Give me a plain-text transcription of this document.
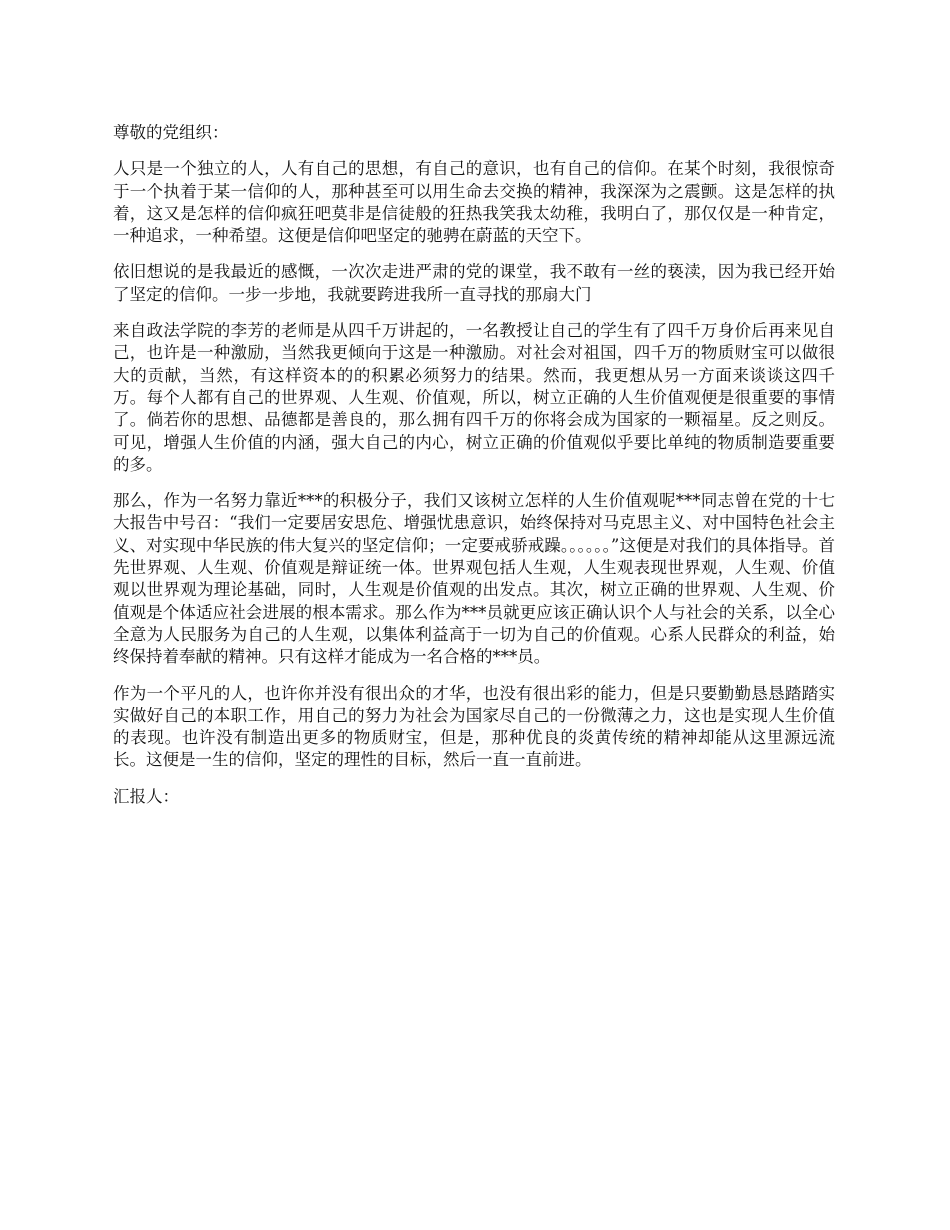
尊敬的党组织：

人只是一个独立的人，人有自己的思想，有自己的意识，也有自己的信仰。在某个时刻，我很惊奇于一个执着于某一信仰的人，那种甚至可以用生命去交换的精神，我深深为之震颤。这是怎样的执着，这又是怎样的信仰疯狂吧莫非是信徒般的狂热我笑我太幼稚，我明白了，那仅仅是一种肯定，一种追求，一种希望。这便是信仰吧坚定的驰骋在蔚蓝的天空下。

依旧想说的是我最近的感慨，一次次走进严肃的党的课堂，我不敢有一丝的亵渎，因为我已经开始了坚定的信仰。一步一步地，我就要跨进我所一直寻找的那扇大门

来自政法学院的李芳的老师是从四千万讲起的，一名教授让自己的学生有了四千万身价后再来见自己，也许是一种激励，当然我更倾向于这是一种激励。对社会对祖国，四千万的物质财宝可以做很大的贡献，当然，有这样资本的的积累必须努力的结果。然而，我更想从另一方面来谈谈这四千万。每个人都有自己的世界观、人生观、价值观，所以，树立正确的人生价值观便是很重要的事情了。倘若你的思想、品德都是善良的，那么拥有四千万的你将会成为国家的一颗福星。反之则反。可见，增强人生价值的内涵，强大自己的内心，树立正确的价值观似乎要比单纯的物质制造要重要的多。

那么，作为一名努力靠近***的积极分子，我们又该树立怎样的人生价值观呢***同志曾在党的十七大报告中号召：“我们一定要居安思危、增强忧患意识，始终保持对马克思主义、对中国特色社会主义、对实现中华民族的伟大复兴的坚定信仰；一定要戒骄戒躁。。。。。。”这便是对我们的具体指导。首先世界观、人生观、价值观是辩证统一体。世界观包括人生观，人生观表现世界观，人生观、价值观以世界观为理论基础，同时，人生观是价值观的出发点。其次，树立正确的世界观、人生观、价值观是个体适应社会进展的根本需求。那么作为***员就更应该正确认识个人与社会的关系，以全心全意为人民服务为自己的人生观，以集体利益高于一切为自己的价值观。心系人民群众的利益，始终保持着奉献的精神。只有这样才能成为一名合格的***员。

作为一个平凡的人，也许你并没有很出众的才华，也没有很出彩的能力，但是只要勤勤恳恳踏踏实实做好自己的本职工作，用自己的努力为社会为国家尽自己的一份微薄之力，这也是实现人生价值的表现。也许没有制造出更多的物质财宝，但是，那种优良的炎黄传统的精神却能从这里源远流长。这便是一生的信仰，坚定的理性的目标，然后一直一直前进。

汇报人：
